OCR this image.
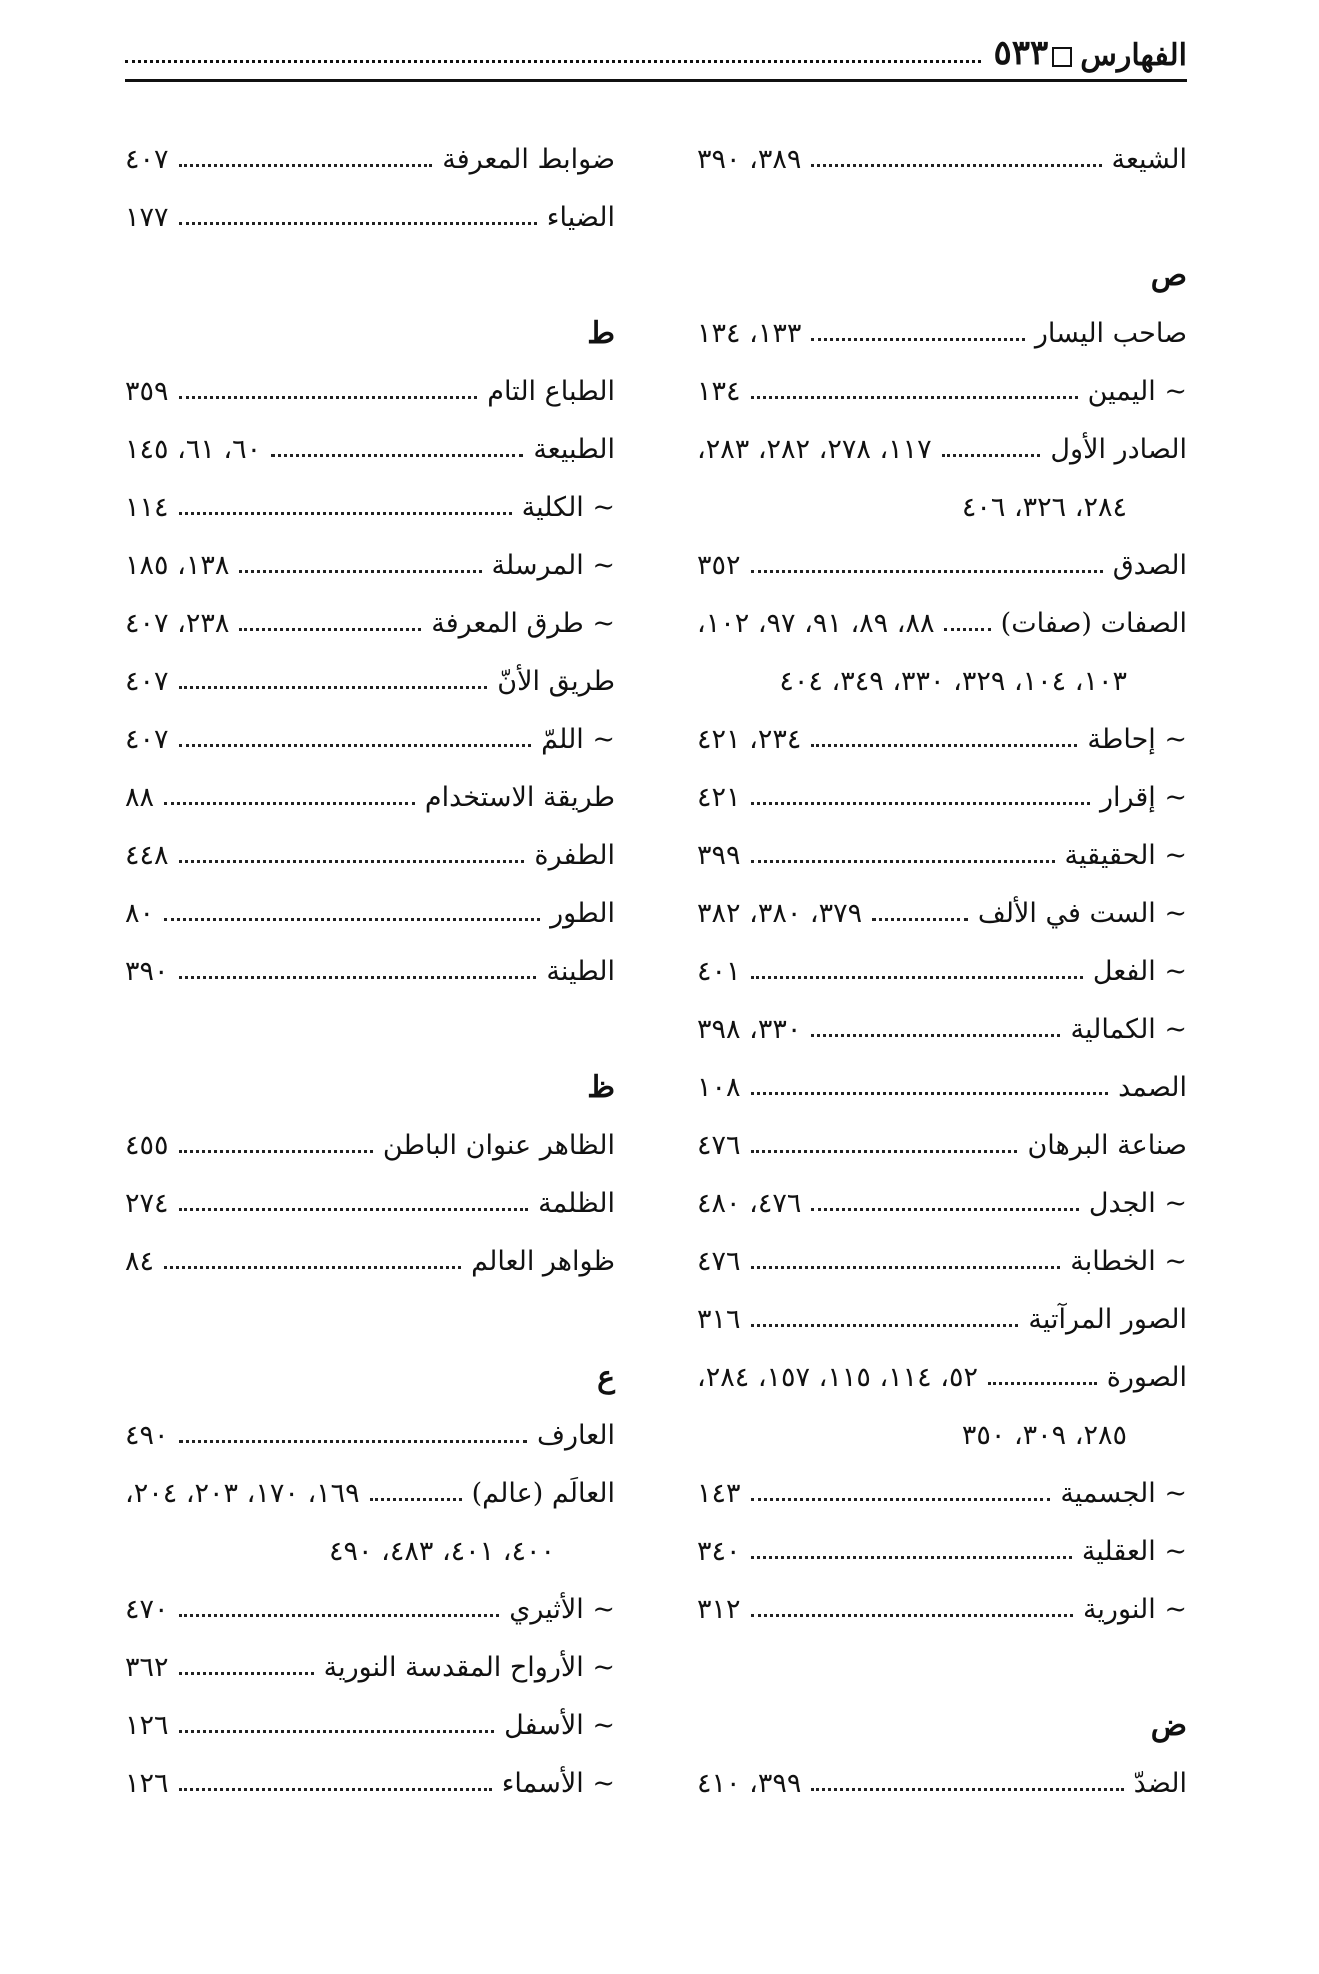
الفهارس
٥٣٣
الشيعة
٣٨٩، ٣٩٠
ص
صاحب اليسار
١٣٣، ١٣٤
~ اليمين
١٣٤
الصادر الأول
١١٧، ٢٧٨، ٢٨٢، ٢٨٣،
٢٨٤، ٣٢٦، ٤٠٦
الصدق
٣٥٢
الصفات (صفات)
٨٨، ٨٩، ٩١، ٩٧، ١٠٢،
١٠٣، ١٠٤، ٣٢٩، ٣٣٠، ٣٤٩، ٤٠٤
~ إحاطة
٢٣٤، ٤٢١
~ إقرار
٤٢١
~ الحقيقية
٣٩٩
~ الست في الألف
٣٧٩، ٣٨٠، ٣٨٢
~ الفعل
٤٠١
~ الكمالية
٣٣٠، ٣٩٨
الصمد
١٠٨
صناعة البرهان
٤٧٦
~ الجدل
٤٧٦، ٤٨٠
~ الخطابة
٤٧٦
الصور المرآتية
٣١٦
الصورة
٥٢، ١١٤، ١١٥، ١٥٧، ٢٨٤،
٢٨٥، ٣٠٩، ٣٥٠
~ الجسمية
١٤٣
~ العقلية
٣٤٠
~ النورية
٣١٢
ض
الضدّ
٣٩٩، ٤١٠
ضوابط المعرفة
٤٠٧
الضياء
١٧٧
ط
الطباع التام
٣٥٩
الطبيعة
٦٠، ٦١، ١٤٥
~ الكلية
١١٤
~ المرسلة
١٣٨، ١٨٥
~ طرق المعرفة
٢٣٨، ٤٠٧
طريق الأنّ
٤٠٧
~ اللمّ
٤٠٧
طريقة الاستخدام
٨٨
الطفرة
٤٤٨
الطور
٨٠
الطينة
٣٩٠
ظ
الظاهر عنوان الباطن
٤٥٥
الظلمة
٢٧٤
ظواهر العالم
٨٤
ع
العارف
٤٩٠
العالَم (عالم)
١٦٩، ١٧٠، ٢٠٣، ٢٠٤،
٤٠٠، ٤٠١، ٤٨٣، ٤٩٠
~ الأثيري
٤٧٠
~ الأرواح المقدسة النورية
٣٦٢
~ الأسفل
١٢٦
~ الأسماء
١٢٦
